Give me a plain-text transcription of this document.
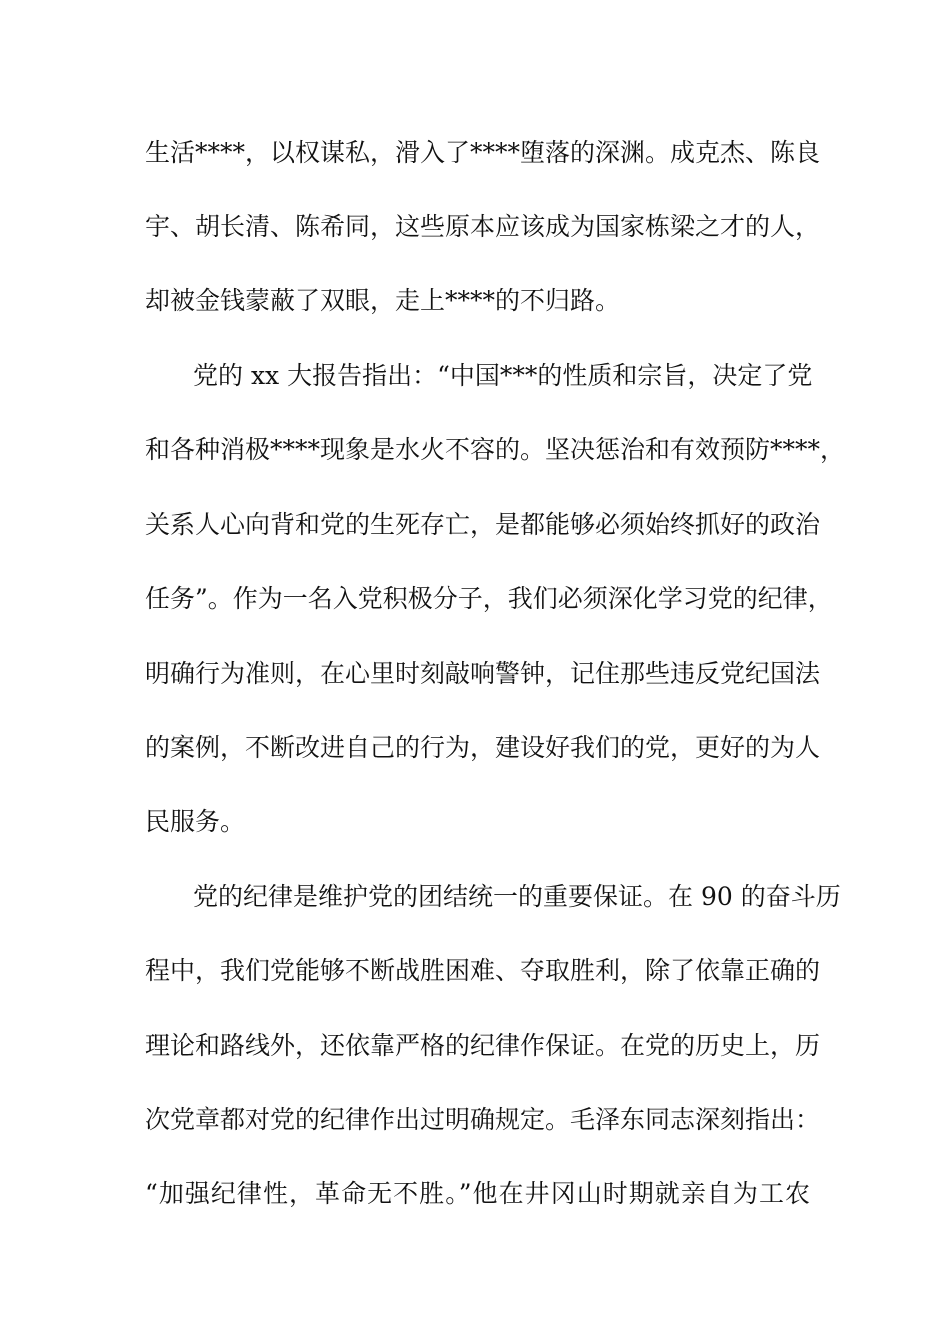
生活****，以权谋私，滑入了****堕落的深渊。成克杰、陈良
宇、胡长清、陈希同，这些原本应该成为国家栋梁之才的人，
却被金钱蒙蔽了双眼，走上****的不归路。
党的 xx 大报告指出：“中国***的性质和宗旨，决定了党
和各种消极****现象是水火不容的。坚决惩治和有效预防****，
关系人心向背和党的生死存亡，是都能够必须始终抓好的政治
任务”。作为一名入党积极分子，我们必须深化学习党的纪律，
明确行为准则，在心里时刻敲响警钟，记住那些违反党纪国法
的案例，不断改进自己的行为，建设好我们的党，更好的为人
民服务。
党的纪律是维护党的团结统一的重要保证。在 90 的奋斗历
程中，我们党能够不断战胜困难、夺取胜利，除了依靠正确的
理论和路线外，还依靠严格的纪律作保证。在党的历史上，历
次党章都对党的纪律作出过明确规定。毛泽东同志深刻指出：
“加强纪律性，革命无不胜。”他在井冈山时期就亲自为工农
